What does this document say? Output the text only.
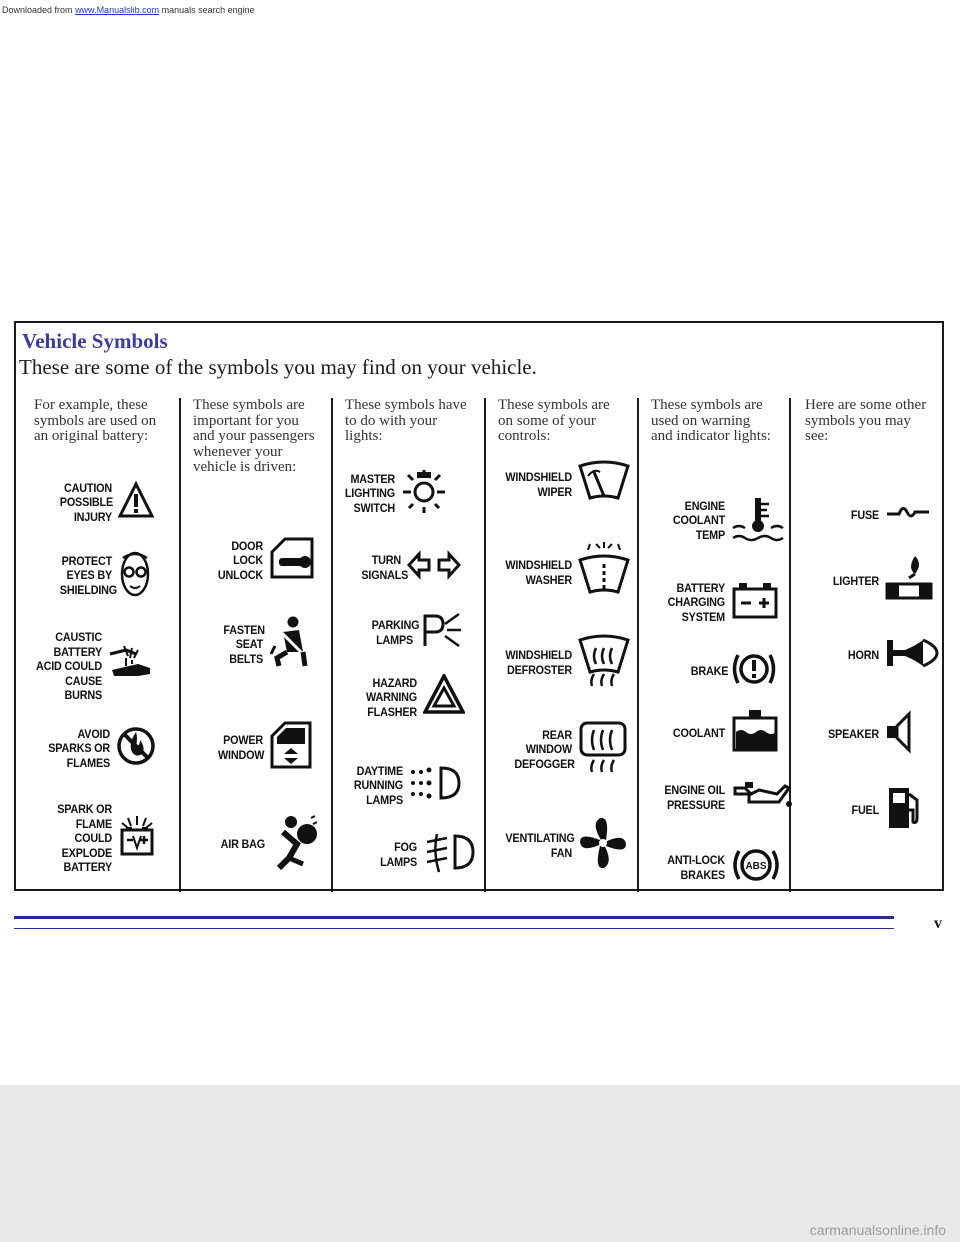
Downloaded from www.Manualslib.com manuals search engine
Vehicle Symbols

These are some of the symbols you may find on your vehicle.

For example, these symbols are used on an original battery:
CAUTION
POSSIBLE
INJURY
PROTECT
EYES BY
SHIELDING
CAUSTIC
BATTERY
ACID COULD
CAUSE
BURNS
AVOID
SPARKS OR
FLAMES
SPARK OR
FLAME
COULD
EXPLODE
BATTERY
These symbols are important for you and your passengers whenever your vehicle is driven:
DOOR LOCK
UNLOCK
FASTEN
SEAT
BELTS
POWER
WINDOW
AIR BAG
These symbols have to do with your lights:
MASTER
LIGHTING
SWITCH
TURN
SIGNALS
PARKING
LAMPS
HAZARD
WARNING
FLASHER
DAYTIME
RUNNING
LAMPS
FOG LAMPS
These symbols are on some of your controls:
WINDSHIELD
WIPER
WINDSHIELD
WASHER
WINDSHIELD
DEFROSTER
REAR
WINDOW
DEFOGGER
VENTILATING
FAN
These symbols are used on warning and indicator lights:
ENGINE
COOLANT
TEMP
BATTERY
CHARGING
SYSTEM
BRAKE
COOLANT
ENGINE OIL
PRESSURE
ANTI-LOCK
BRAKES
ABS
Here are some other symbols you may see:
FUSE
LIGHTER
HORN
SPEAKER
FUEL
v
carmanualsonline.info
